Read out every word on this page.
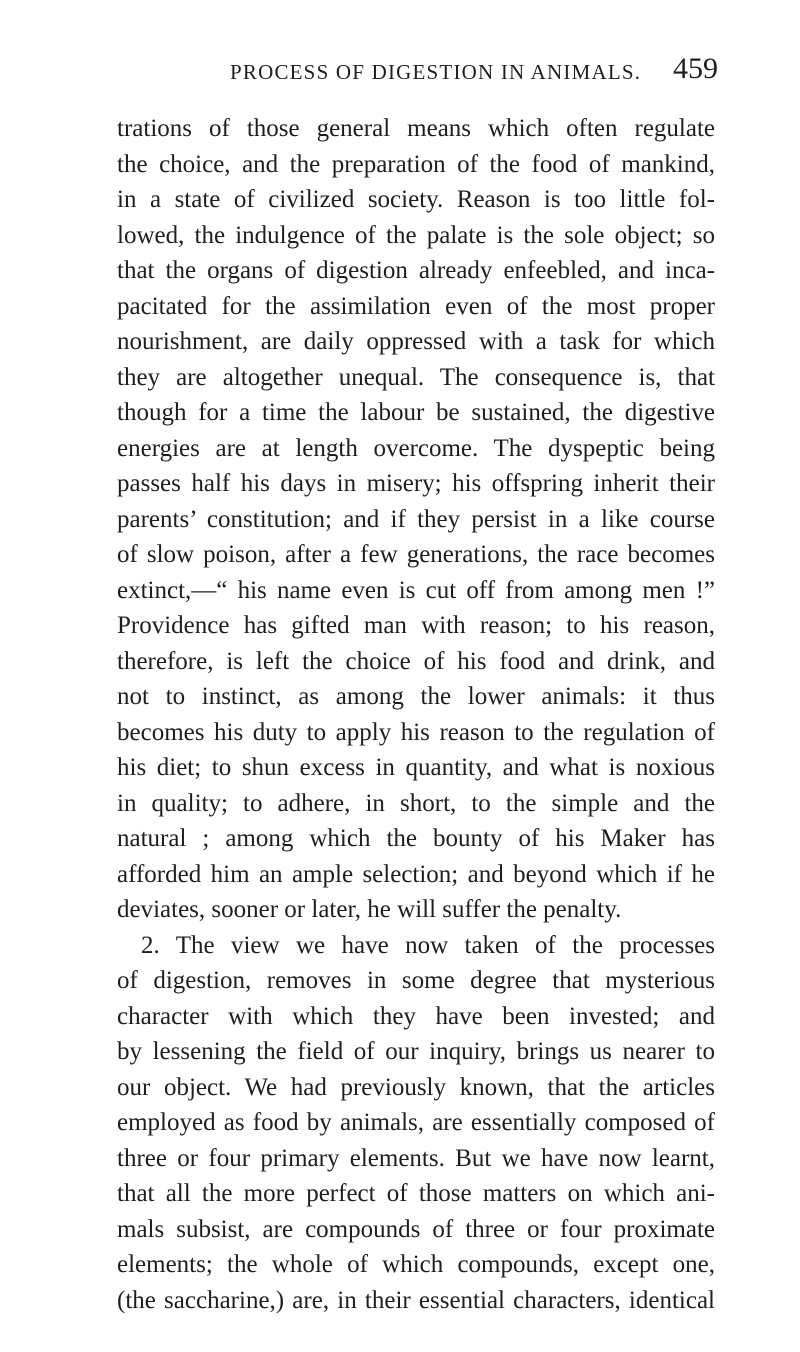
PROCESS OF DIGESTION IN ANIMALS. 459
trations of those general means which often regulate
the choice, and the preparation of the food of mankind,
in a state of civilized society. Reason is too little fol-
lowed, the indulgence of the palate is the sole object; so
that the organs of digestion already enfeebled, and inca-
pacitated for the assimilation even of the most proper
nourishment, are daily oppressed with a task for which
they are altogether unequal. The consequence is, that
though for a time the labour be sustained, the digestive
energies are at length overcome. The dyspeptic being
passes half his days in misery; his offspring inherit their
parents’ constitution; and if they persist in a like course
of slow poison, after a few generations, the race becomes
extinct,—“ his name even is cut off from among men !”
Providence has gifted man with reason; to his reason,
therefore, is left the choice of his food and drink, and
not to instinct, as among the lower animals: it thus
becomes his duty to apply his reason to the regulation of
his diet; to shun excess in quantity, and what is noxious
in quality; to adhere, in short, to the simple and the
natural ; among which the bounty of his Maker has
afforded him an ample selection; and beyond which if he
deviates, sooner or later, he will suffer the penalty.
2. The view we have now taken of the processes
of digestion, removes in some degree that mysterious
character with which they have been invested; and
by lessening the field of our inquiry, brings us nearer to
our object. We had previously known, that the articles
employed as food by animals, are essentially composed of
three or four primary elements. But we have now learnt,
that all the more perfect of those matters on which ani-
mals subsist, are compounds of three or four proximate
elements; the whole of which compounds, except one,
(the saccharine,) are, in their essential characters, identical
